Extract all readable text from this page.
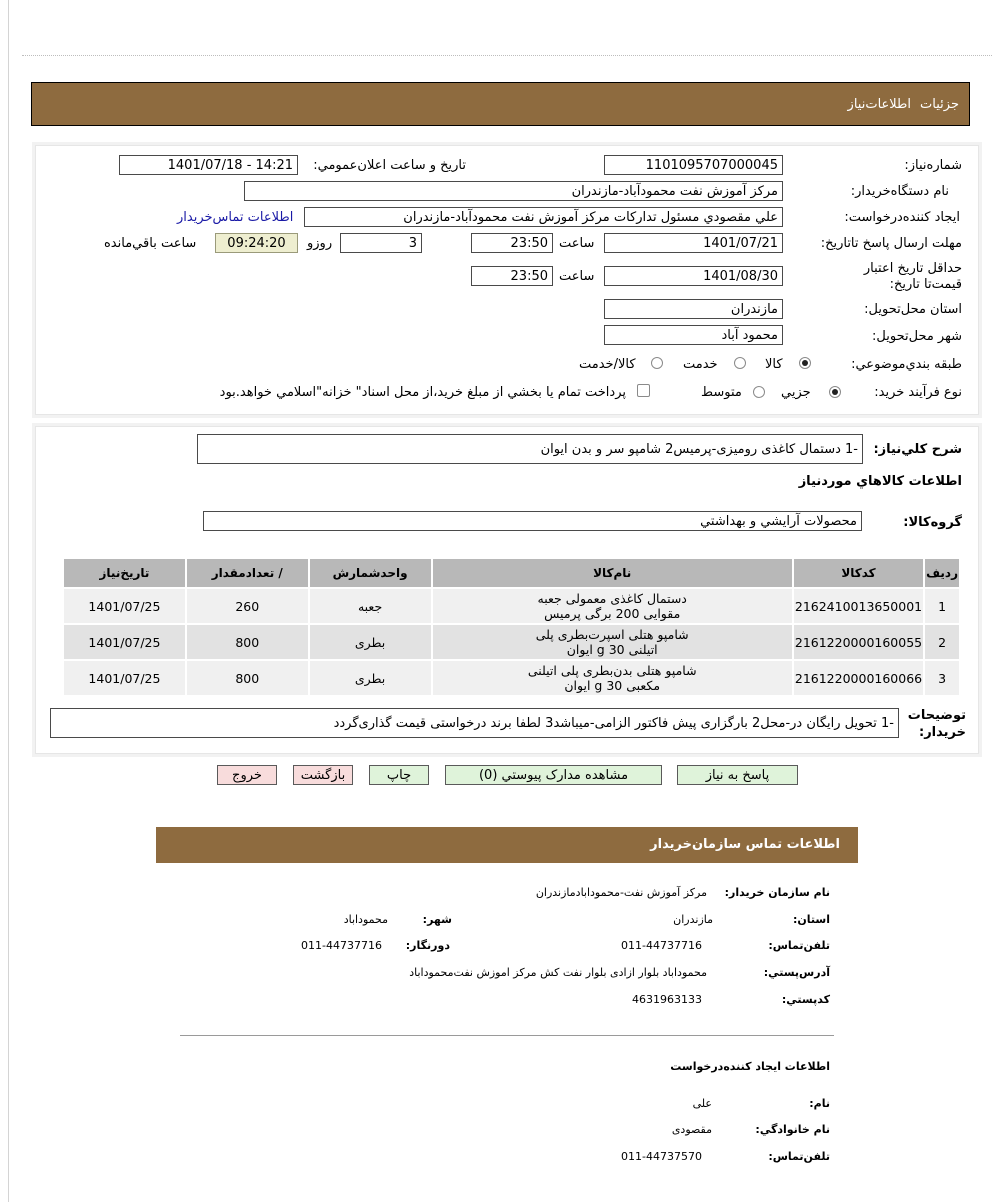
جزئيات
اطلاعات‌نياز
شماره‌نياز:
1101095707000045
تاريخ و ساعت اعلان‌عمومي:
1401/07/18 - 14:21
نام دستگاه‌خريدار:
مرکز آموزش نفت محمودآباد-مازندران
ايجاد کننده‌درخواست:
علي مقصودي مسئول تدارکات مرکز آموزش نفت محمودآباد-مازندران
اطلاعات تماس‌خريدار
مهلت ارسال پاسخ تا‌تاريخ:
1401/07/21
ساعت
23:50
3
روزو
09:24:20
ساعت باقي‌مانده
حداقل تاريخ اعتبار قيمت‌تا تاريخ:
1401/08/30
ساعت
23:50
استان محل‌تحويل:
مازندران
شهر محل‌تحويل:
محمود آباد
طبقه بندي‌موضوعي:
کالا
خدمت
کالا‌/خدمت
نوع فرآيند خريد:
جزيي
متوسط
پرداخت تمام يا بخشي از مبلغ خريد،از محل اسناد" خزانه"اسلامي خواهد.بود
شرح کلي‌نياز:
-1 دستمال کاغذی رومیزی-پرمیس2 شامپو سر و بدن ایوان
اطلاعات کالاهاي موردنياز
گروه‌کالا:
محصولات آرايشي و بهداشتي
رديف	کدکالا	نام‌کالا	واحدشمارش	/ تعدادمقدار	تاريخ‌نياز
1	2162410013650001	دستمال کاغذی معمولی جعبه مقوایی 200 برگی پرمیس	جعبه	260	1401/07/25
2	2161220000160055	شامپو هتلی اسپرت‌بطری پلی اتیلنی 30 g ایوان	بطری	800	1401/07/25
3	2161220000160066	شامپو هتلی بدن‌بطری پلی اتیلنی مکعبی 30 g ایوان	بطری	800	1401/07/25
توضيحات خريدار:
-1 تحویل رایگان در-محل2 بارگزاری پیش فاکتور الزامی-میباشد3 لطفا برند درخواستی قیمت گذاری‌گردد
پاسخ به نياز
مشاهده مدارک پيوستي (0)
چاپ
بازگشت
خروج
اطلاعات تماس سازمان‌خريدار
نام سازمان خريدار:
مرکز آموزش نفت-محمودابادمازندران
استان:
مازندران
شهر:
محموداباد
تلفن‌تماس:
011-44737716
دورنگار:
011-44737716
آدرس‌پستي:
محموداباد بلوار ازادی بلوار نفت کش مرکز اموزش نفت‌محموداباد
کدپستي:
4631963133
اطلاعات ايجاد کننده‌درخواست
نام:
علی
نام خانوادگي:
مقصودی
تلفن‌تماس:
011-44737570
